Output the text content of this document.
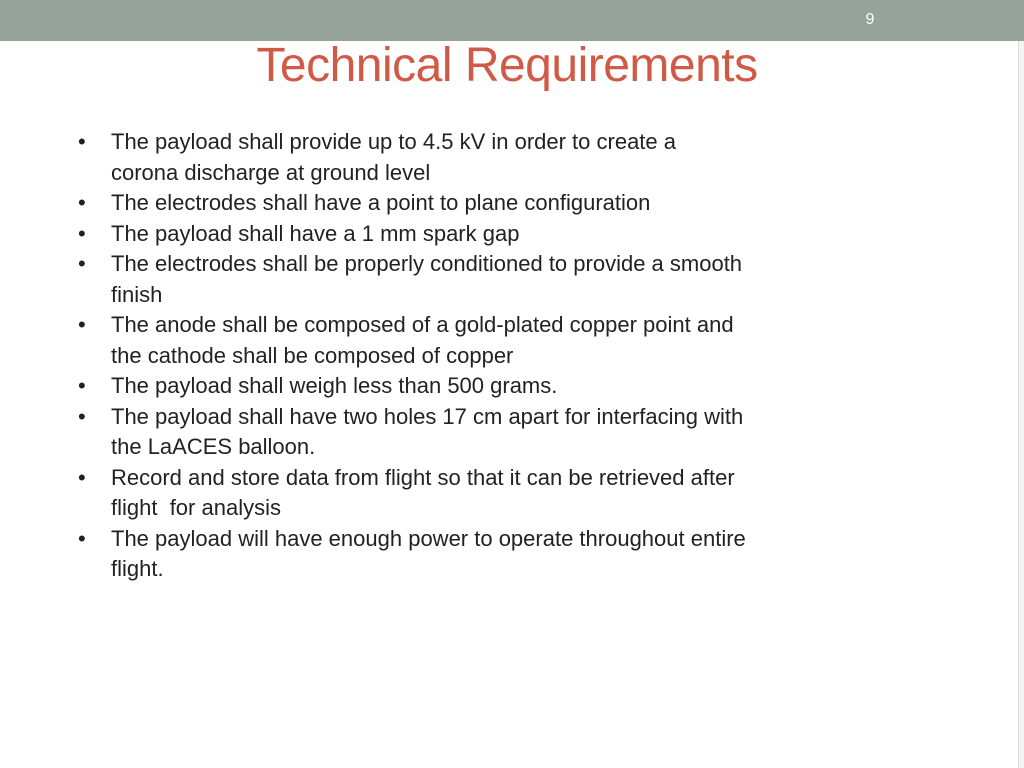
9
Technical Requirements
•	The payload shall provide up to 4.5 kV in order to create a
corona discharge at ground level
•	The electrodes shall have a point to plane configuration
•	The payload shall have a 1 mm spark gap
•	The electrodes shall be properly conditioned to provide a smooth
finish
•	The anode shall be composed of a gold-plated copper point and
the cathode shall be composed of copper
•	The payload shall weigh less than 500 grams.
•	The payload shall have two holes 17 cm apart for interfacing with
the LaACES balloon.
•	Record and store data from flight so that it can be retrieved after
flight  for analysis
•	The payload will have enough power to operate throughout entire
flight.
